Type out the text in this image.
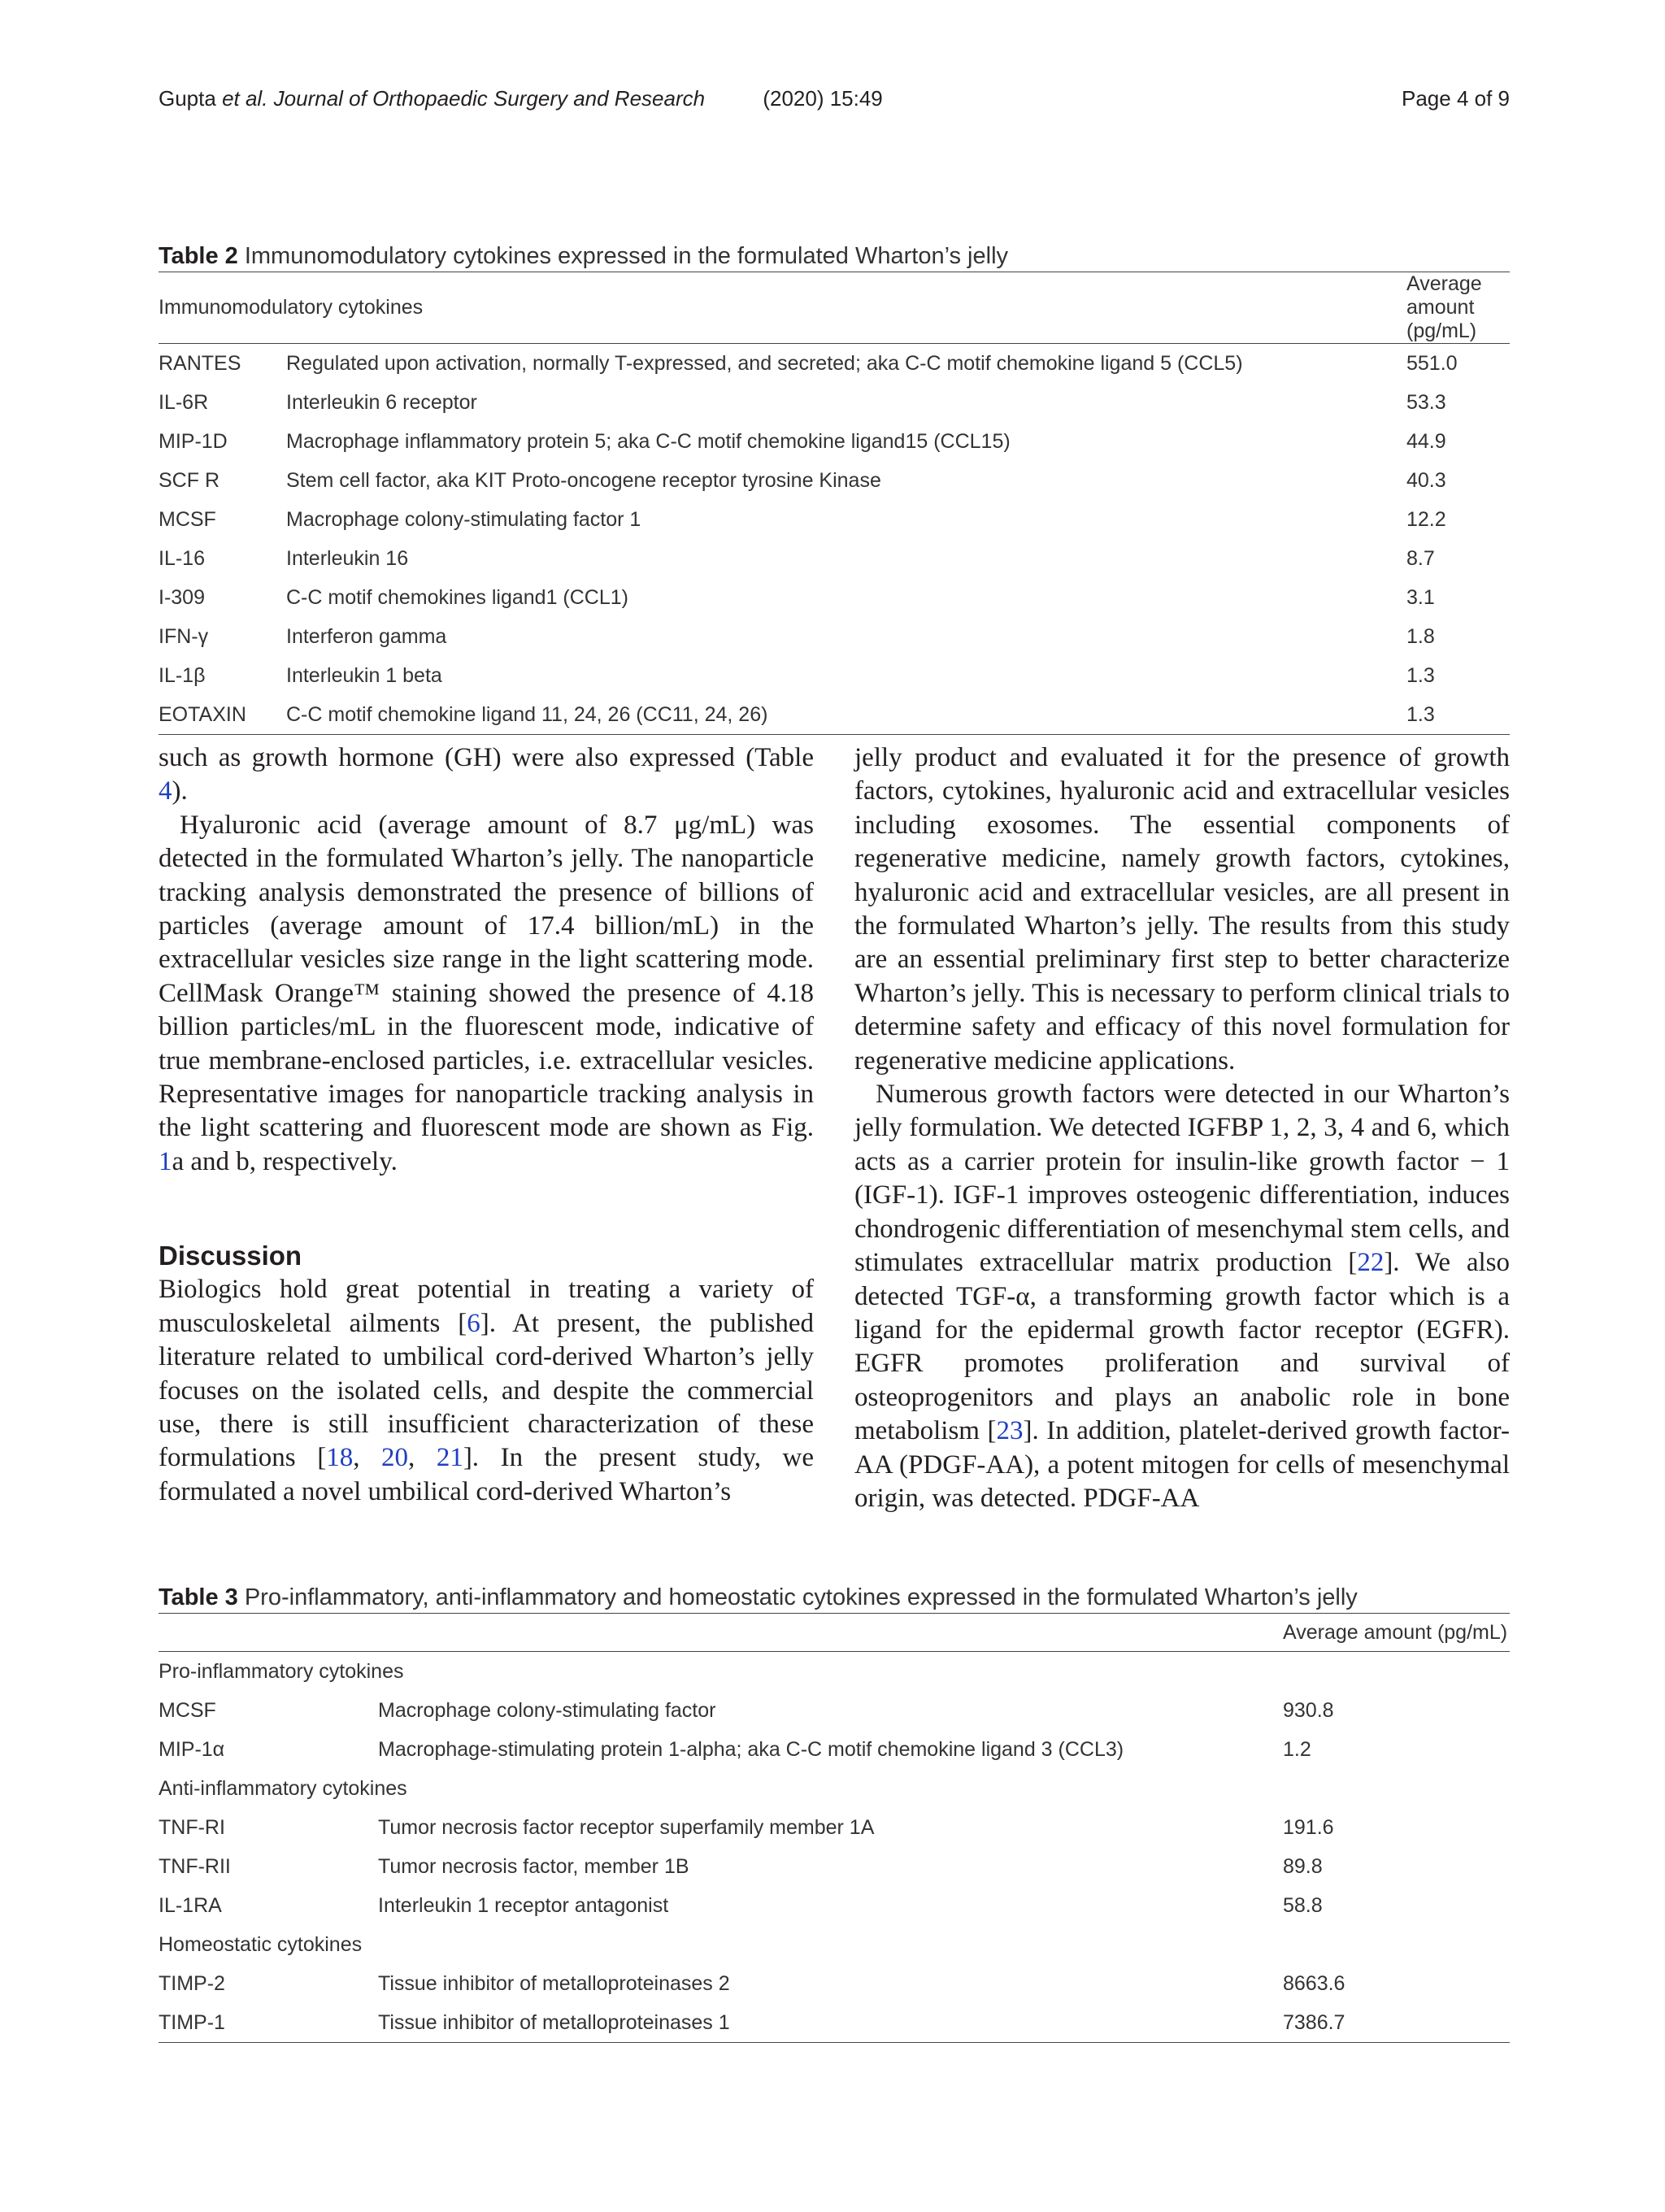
Gupta et al. Journal of Orthopaedic Surgery and Research	(2020) 15:49	Page 4 of 9
Table 2 Immunomodulatory cytokines expressed in the formulated Wharton’s jelly
Immunomodulatory cytokines		Average amount (pg/mL)
RANTES	Regulated upon activation, normally T-expressed, and secreted; aka C-C motif chemokine ligand 5 (CCL5)	551.0
IL-6R	Interleukin 6 receptor	53.3
MIP-1D	Macrophage inflammatory protein 5; aka C-C motif chemokine ligand15 (CCL15)	44.9
SCF R	Stem cell factor, aka KIT Proto-oncogene receptor tyrosine Kinase	40.3
MCSF	Macrophage colony-stimulating factor 1	12.2
IL-16	Interleukin 16	8.7
I-309	C-C motif chemokines ligand1 (CCL1)	3.1
IFN-γ	Interferon gamma	1.8
IL-1β	Interleukin 1 beta	1.3
EOTAXIN	C-C motif chemokine ligand 11, 24, 26 (CC11, 24, 26)	1.3

such as growth hormone (GH) were also expressed (Table 4).

Hyaluronic acid (average amount of 8.7 μg/mL) was detected in the formulated Wharton’s jelly. The nanoparticle tracking analysis demonstrated the presence of billions of particles (average amount of 17.4 billion/mL) in the extracellular vesicles size range in the light scattering mode. CellMask Orange™ staining showed the presence of 4.18 billion particles/mL in the fluorescent mode, indicative of true membrane-enclosed particles, i.e. extracellular vesicles. Representative images for nanoparticle tracking analysis in the light scattering and fluorescent mode are shown as Fig. 1a and b, respectively.

Discussion

Biologics hold great potential in treating a variety of musculoskeletal ailments [6]. At present, the published literature related to umbilical cord-derived Wharton’s jelly focuses on the isolated cells, and despite the commercial use, there is still insufficient characterization of these formulations [18, 20, 21]. In the present study, we formulated a novel umbilical cord-derived Wharton’s

jelly product and evaluated it for the presence of growth factors, cytokines, hyaluronic acid and extracellular vesicles including exosomes. The essential components of regenerative medicine, namely growth factors, cytokines, hyaluronic acid and extracellular vesicles, are all present in the formulated Wharton’s jelly. The results from this study are an essential preliminary first step to better characterize Wharton’s jelly. This is necessary to perform clinical trials to determine safety and efficacy of this novel formulation for regenerative medicine applications.

Numerous growth factors were detected in our Wharton’s jelly formulation. We detected IGFBP 1, 2, 3, 4 and 6, which acts as a carrier protein for insulin-like growth factor − 1 (IGF-1). IGF-1 improves osteogenic differentiation, induces chondrogenic differentiation of mesenchymal stem cells, and stimulates extracellular matrix production [22]. We also detected TGF-α, a transforming growth factor which is a ligand for the epidermal growth factor receptor (EGFR). EGFR promotes proliferation and survival of osteoprogenitors and plays an anabolic role in bone metabolism [23]. In addition, platelet-derived growth factor-AA (PDGF-AA), a potent mitogen for cells of mesenchymal origin, was detected. PDGF-AA

Table 3 Pro-inflammatory, anti-inflammatory and homeostatic cytokines expressed in the formulated Wharton’s jelly
		Average amount (pg/mL)
Pro-inflammatory cytokines		
MCSF	Macrophage colony-stimulating factor	930.8
MIP-1α	Macrophage-stimulating protein 1-alpha; aka C-C motif chemokine ligand 3 (CCL3)	1.2
Anti-inflammatory cytokines		
TNF-RI	Tumor necrosis factor receptor superfamily member 1A	191.6
TNF-RII	Tumor necrosis factor, member 1B	89.8
IL-1RA	Interleukin 1 receptor antagonist	58.8
Homeostatic cytokines		
TIMP-2	Tissue inhibitor of metalloproteinases 2	8663.6
TIMP-1	Tissue inhibitor of metalloproteinases 1	7386.7
